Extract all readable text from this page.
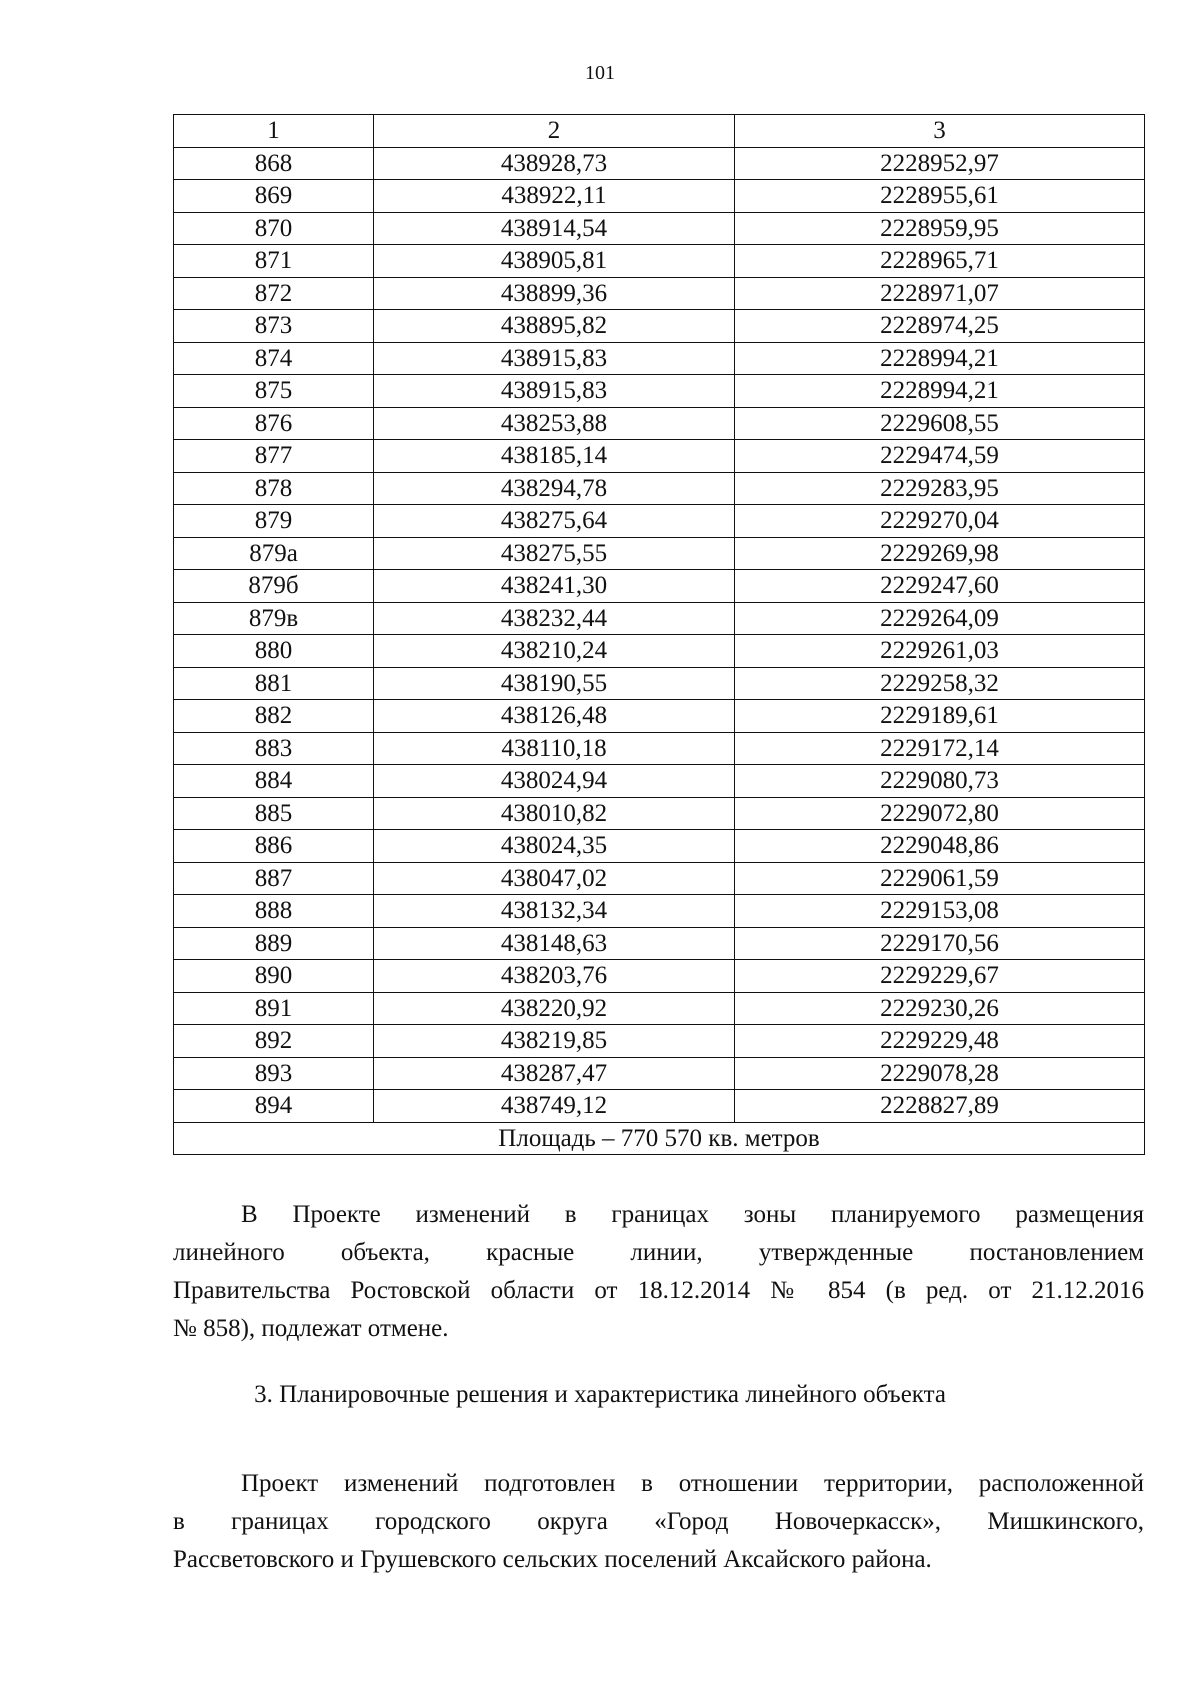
101
1	2	3
868	438928,73	2228952,97
869	438922,11	2228955,61
870	438914,54	2228959,95
871	438905,81	2228965,71
872	438899,36	2228971,07
873	438895,82	2228974,25
874	438915,83	2228994,21
875	438915,83	2228994,21
876	438253,88	2229608,55
877	438185,14	2229474,59
878	438294,78	2229283,95
879	438275,64	2229270,04
879а	438275,55	2229269,98
879б	438241,30	2229247,60
879в	438232,44	2229264,09
880	438210,24	2229261,03
881	438190,55	2229258,32
882	438126,48	2229189,61
883	438110,18	2229172,14
884	438024,94	2229080,73
885	438010,82	2229072,80
886	438024,35	2229048,86
887	438047,02	2229061,59
888	438132,34	2229153,08
889	438148,63	2229170,56
890	438203,76	2229229,67
891	438220,92	2229230,26
892	438219,85	2229229,48
893	438287,47	2229078,28
894	438749,12	2228827,89
Площадь – 770 570 кв. метров		
В Проекте изменений в границах зоны планируемого размещения
линейного объекта, красные линии, утвержденные постановлением
Правительства Ростовской области от 18.12.2014 № 854 (в ред. от 21.12.2016
№ 858), подлежат отмене.
3. Планировочные решения и характеристика линейного объекта
Проект изменений подготовлен в отношении территории, расположенной
в границах городского округа «Город Новочеркасск», Мишкинского,
Рассветовского и Грушевского сельских поселений Аксайского района.
